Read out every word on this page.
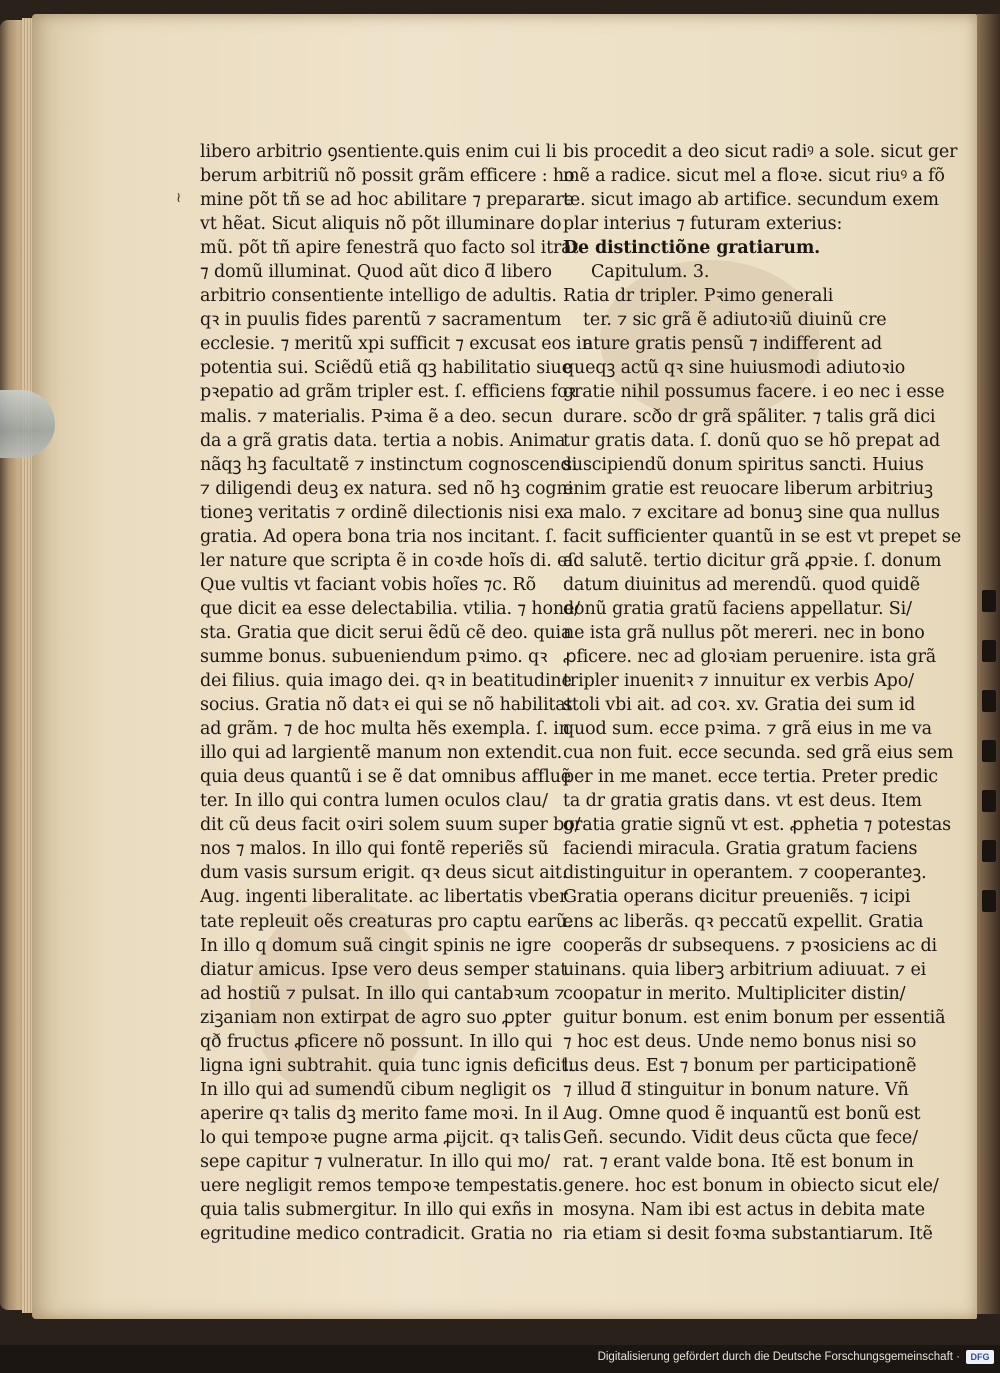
≀
libero arbitrio ꝯsentiente.ꝗuis enim cui li
berum arbitriũ nõ possit grãm efficere : ho
mine põt tñ se ad hoc abilitare ⁊ preparare
vt hẽat. Sicut aliquis nõ põt illuminare do
mũ. põt tñ apire fenestrã quo facto sol itrat
⁊ domũ illuminat. Quod aũt dico ƌ libero
arbitrio consentiente intelligo de adultis.
qꝛ in puulis fides parentũ ⁊ sacramentum
ecclesie. ⁊ meritũ xpi sufficit ⁊ excusat eos in
potentia sui. Sciẽdũ etiã qꝫ habilitatio siue
pꝛepatio ad grãm tripler est. ſ. efficiens foꝛ
malis. ⁊ materialis. Pꝛima ẽ a deo. secun
da a grã gratis data. tertia a nobis. Anima
nãqꝫ hꝫ facultatẽ ⁊ instinctum cognoscendi
⁊ diligendi deuꝫ ex natura. sed nõ hꝫ cogni
tioneꝫ veritatis ⁊ ordinẽ dilectionis nisi ex
gratia. Ad opera bona tria nos incitant. ſ.
ler nature que scripta ẽ in coꝛde hoĩs di. eſ.
Que vultis vt faciant vobis hoĩes ⁊c. Rõ
que dicit ea esse delectabilia. vtilia. ⁊ hone/
sta. Gratia que dicit serui ẽdũ cẽ deo. quia
summe bonus. subueniendum pꝛimo. qꝛ
dei filius. quia imago dei. qꝛ in beatitudine
socius. Gratia nõ datꝛ ei qui se nõ habilitat
ad grãm. ⁊ de hoc multa hẽs exempla. ſ. in
illo qui ad largientẽ manum non extendit.
quia deus quantũ i se ẽ dat omnibus affluẽ
ter. In illo qui contra lumen oculos clau/
dit cũ deus facit oꝛiri solem suum super bo/
nos ⁊ malos. In illo qui fontẽ reperiẽs sũ
dum vasis sursum erigit. qꝛ deus sicut ait.
Aug. ingenti liberalitate. ac libertatis vber
tate repleuit oẽs creaturas pro captu earũ.
In illo q domum suã cingit spinis ne igre
diatur amicus. Ipse vero deus semper stat
ad hostiũ ⁊ pulsat. In illo qui cantabꝛum ⁊
ziꝫaniam non extirpat de agro suo ꝓpter
qð fructus ꝓficere nõ possunt. In illo qui
ligna igni subtrahit. quia tunc ignis deficit.
In illo qui ad sumendũ cibum negligit os
aperire qꝛ talis dꝫ merito fame moꝛi. In il
lo qui tempoꝛe pugne arma ꝓijcit. qꝛ talis
sepe capitur ⁊ vulneratur. In illo qui mo/
uere negligit remos tempoꝛe tempestatis.
quia talis submergitur. In illo qui exñs in
egritudine medico contradicit. Gratia no
bis procedit a deo sicut radiꝰ a sole. sicut ger
mẽ a radice. sicut mel a floꝛe. sicut riuꝰ a fõ
te. sicut imago ab artifice. secundum exem
plar interius ⁊ futuram exterius:
De distinctiõne gratiarum.
Capitulum. 3.
Ratia dr tripler. Pꝛimo generali
ter. ⁊ sic grã ẽ adiutoꝛiũ diuinũ cre
ature gratis pensũ ⁊ indifferent ad
queqꝫ actũ qꝛ sine huiusmodi adiutoꝛio
gratie nihil possumus facere. i eo nec i esse
durare. scðo dr grã spãliter. ⁊ talis grã dici
tur gratis data. ſ. donũ quo se hõ prepat ad
suscipiendũ donum spiritus sancti. Huius
enim gratie est reuocare liberum arbitriuꝫ
a malo. ⁊ excitare ad bonuꝫ sine qua nullus
facit sufficienter quantũ in se est vt prepet se
ad salutẽ. tertio dicitur grã ꝓpꝛie. ſ. donum
datum diuinitus ad merendũ. quod quidẽ
donũ gratia gratũ faciens appellatur. Si/
ne ista grã nullus põt mereri. nec in bono
ꝓficere. nec ad gloꝛiam peruenire. ista grã
tripler inuenitꝛ ⁊ innuitur ex verbis Apo/
stoli vbi ait. ad coꝛ. xv. Gratia dei sum id
quod sum. ecce pꝛima. ⁊ grã eius in me va
cua non fuit. ecce secunda. sed grã eius sem
per in me manet. ecce tertia. Preter predic
ta dr gratia gratis dans. vt est deus. Item
gratia gratie signũ vt est. ꝓphetia ⁊ potestas
faciendi miracula. Gratia gratum faciens
distinguitur in operantem. ⁊ cooperanteꝫ.
Gratia operans dicitur preueniẽs. ⁊ icipi
ens ac liberãs. qꝛ peccatũ expellit. Gratia
cooperãs dr subsequens. ⁊ pꝛosiciens ac di
uinans. quia liberꝫ arbitrium adiuuat. ⁊ ei
coopatur in merito. Multipliciter distin/
guitur bonum. est enim bonum per essentiã
⁊ hoc est deus. Unde nemo bonus nisi so
lus deus. Est ⁊ bonum per participationẽ
⁊ illud ƌ stinguitur in bonum nature. Vñ
Aug. Omne quod ẽ inquantũ est bonũ est
Geñ. secundo. Vidit deus cũcta que fece/
rat. ⁊ erant valde bona. Itẽ est bonum in
genere. hoc est bonum in obiecto sicut ele/
mosyna. Nam ibi est actus in debita mate
ria etiam si desit foꝛma substantiarum. Itẽ
Digitalisierung gefördert durch die Deutsche Forschungsgemeinschaft ·	DFG
